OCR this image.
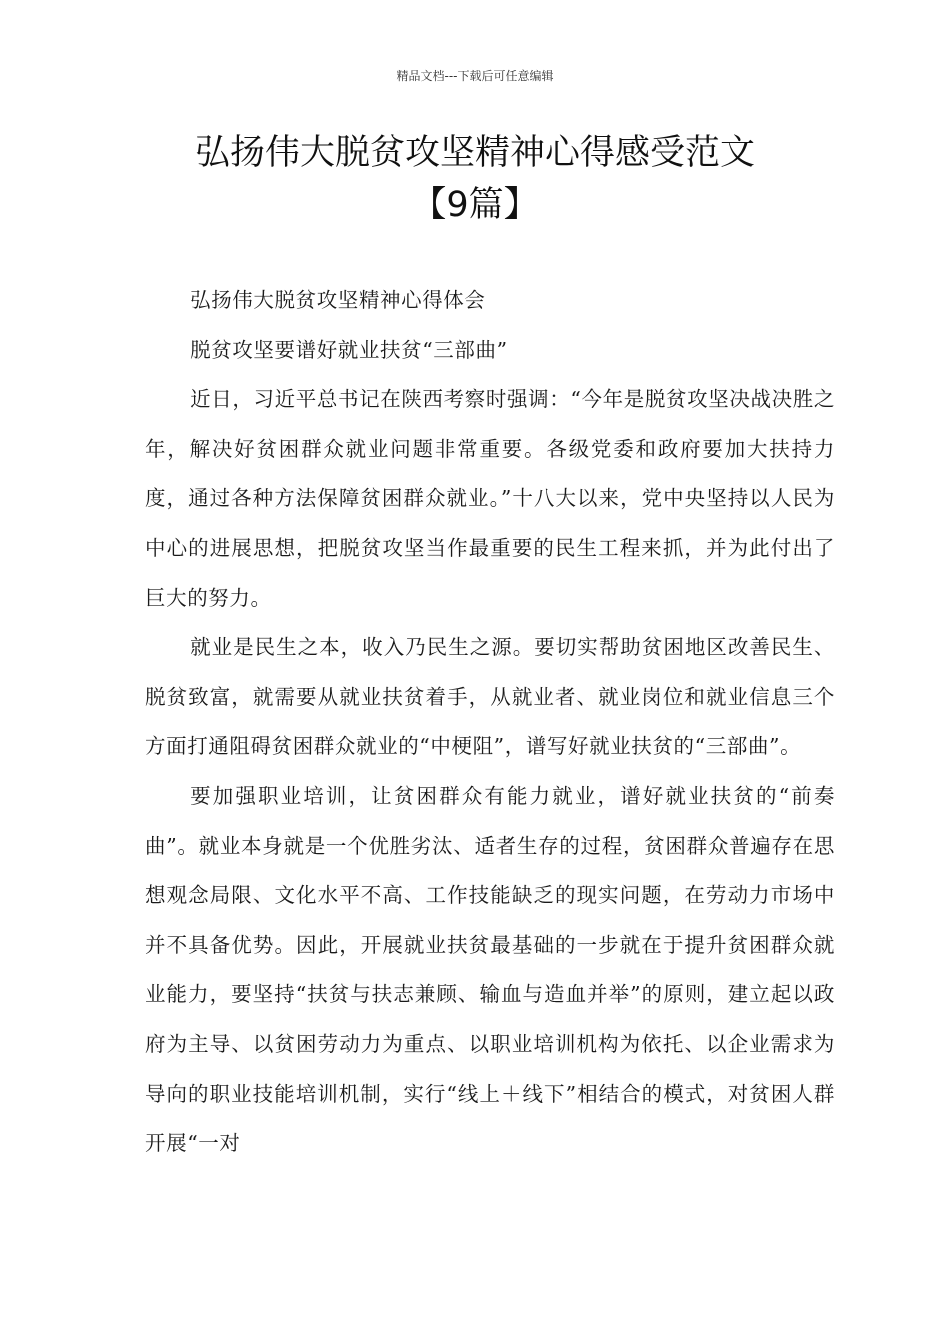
精品文档---下载后可任意编辑
弘扬伟大脱贫攻坚精神心得感受范文
【9篇】

弘扬伟大脱贫攻坚精神心得体会

脱贫攻坚要谱好就业扶贫“三部曲”

近日，习近平总书记在陕西考察时强调：“今年是脱贫攻坚决战决胜之年，解决好贫困群众就业问题非常重要。各级党委和政府要加大扶持力度，通过各种方法保障贫困群众就业。”十八大以来，党中央坚持以人民为中心的进展思想，把脱贫攻坚当作最重要的民生工程来抓，并为此付出了巨大的努力。

就业是民生之本，收入乃民生之源。要切实帮助贫困地区改善民生、脱贫致富，就需要从就业扶贫着手，从就业者、就业岗位和就业信息三个方面打通阻碍贫困群众就业的“中梗阻”，谱写好就业扶贫的“三部曲”。

要加强职业培训，让贫困群众有能力就业，谱好就业扶贫的“前奏曲”。就业本身就是一个优胜劣汰、适者生存的过程，贫困群众普遍存在思想观念局限、文化水平不高、工作技能缺乏的现实问题，在劳动力市场中并不具备优势。因此，开展就业扶贫最基础的一步就在于提升贫困群众就业能力，要坚持“扶贫与扶志兼顾、输血与造血并举”的原则，建立起以政府为主导、以贫困劳动力为重点、以职业培训机构为依托、以企业需求为导向的职业技能培训机制，实行“线上＋线下”相结合的模式，对贫困人群开展“一对
